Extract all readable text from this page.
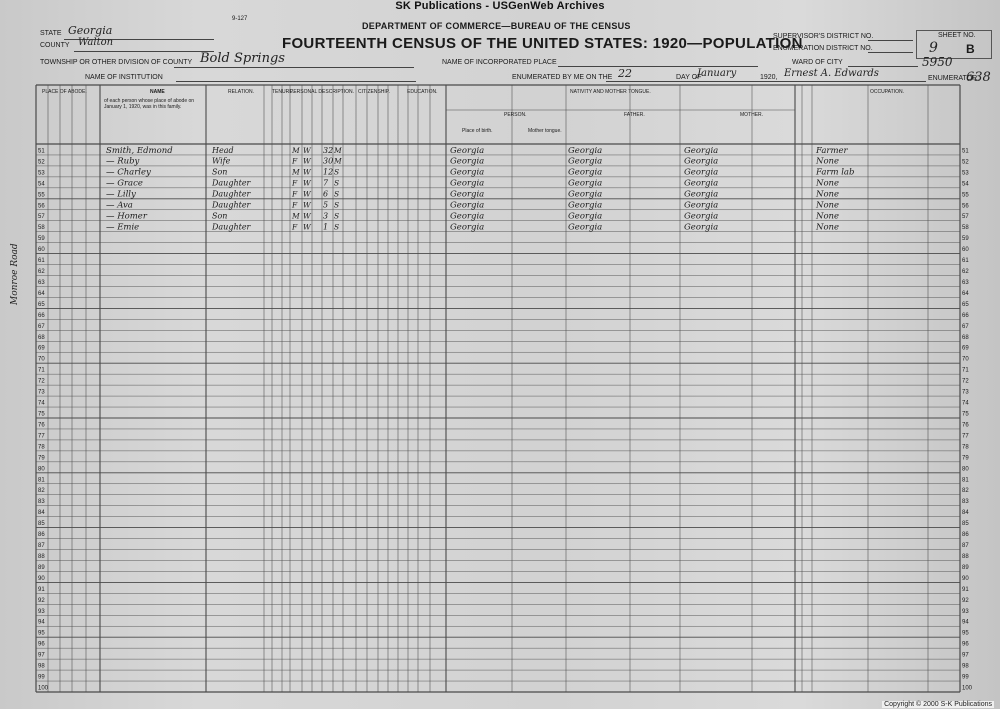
SK Publications - USGenWeb Archives
9-127
DEPARTMENT OF COMMERCE—BUREAU OF THE CENSUS
FOURTEENTH CENSUS OF THE UNITED STATES: 1920—POPULATION
STATE Georgia
COUNTY Walton
TOWNSHIP OR OTHER DIVISION OF COUNTY Bold Springs
NAME OF INSTITUTION
NAME OF INCORPORATED PLACE
ENUMERATED BY ME ON THE 22	DAY OF
January	1920, Ernest A. Edwards	ENUMERATOR.
SUPERVISOR'S DISTRICT NO.
ENUMERATION DISTRICT NO.
WARD OF CITY
SHEET NO.
9 B
5950
638
PLACE OF ABODE.	NAME	RELATION.	TENURE.
PERSONAL DESCRIPTION. CITIZENSHIP.	EDUCATION.	NATIVITY AND MOTHER TONGUE.	OCCUPATION.
of each person whose place of abode on January 1, 1920, was in this family.
PERSON.	FATHER.	MOTHER.
Place of birth.	Mother tongue.
51	51
52	52
53	53
54	54
55	55
56	56
57	57
58	58
59	59
60	60
61	61
62	62
63	63
64	64
65	65
66	66
67	67
68	68
69	69
70	70
71	71
72	72
73	73
74	74
75	75
76	76
77	77
78	78
79	79
80	80
81	81
82	82
83	83
84	84
85	85
86	86
87	87
88	88
89	89
90	90
91	91
92	92
93	93
94	94
95	95
96	96
97	97
98	98
99	99
100	100
Smith, Edmond	Head	M W 32 M	Georgia	Georgia	Georgia	Farmer
— Ruby	Wife	F W 30 M	Georgia	Georgia	Georgia	None
— Charley	Son	M W 12 S	Georgia	Georgia	Georgia	Farm lab
— Grace	Daughter	F W 7 S	Georgia	Georgia	Georgia	None
— Lilly	Daughter	F W 6 S	Georgia	Georgia	Georgia	None
— Ava	Daughter	F W 5 S	Georgia	Georgia	Georgia	None
— Homer	Son	M W 3 S	Georgia	Georgia	Georgia	None
— Emie	Daughter	F W 1 S	Georgia	Georgia	Georgia	None
Monroe Road
Copyright © 2000 S-K Publications
